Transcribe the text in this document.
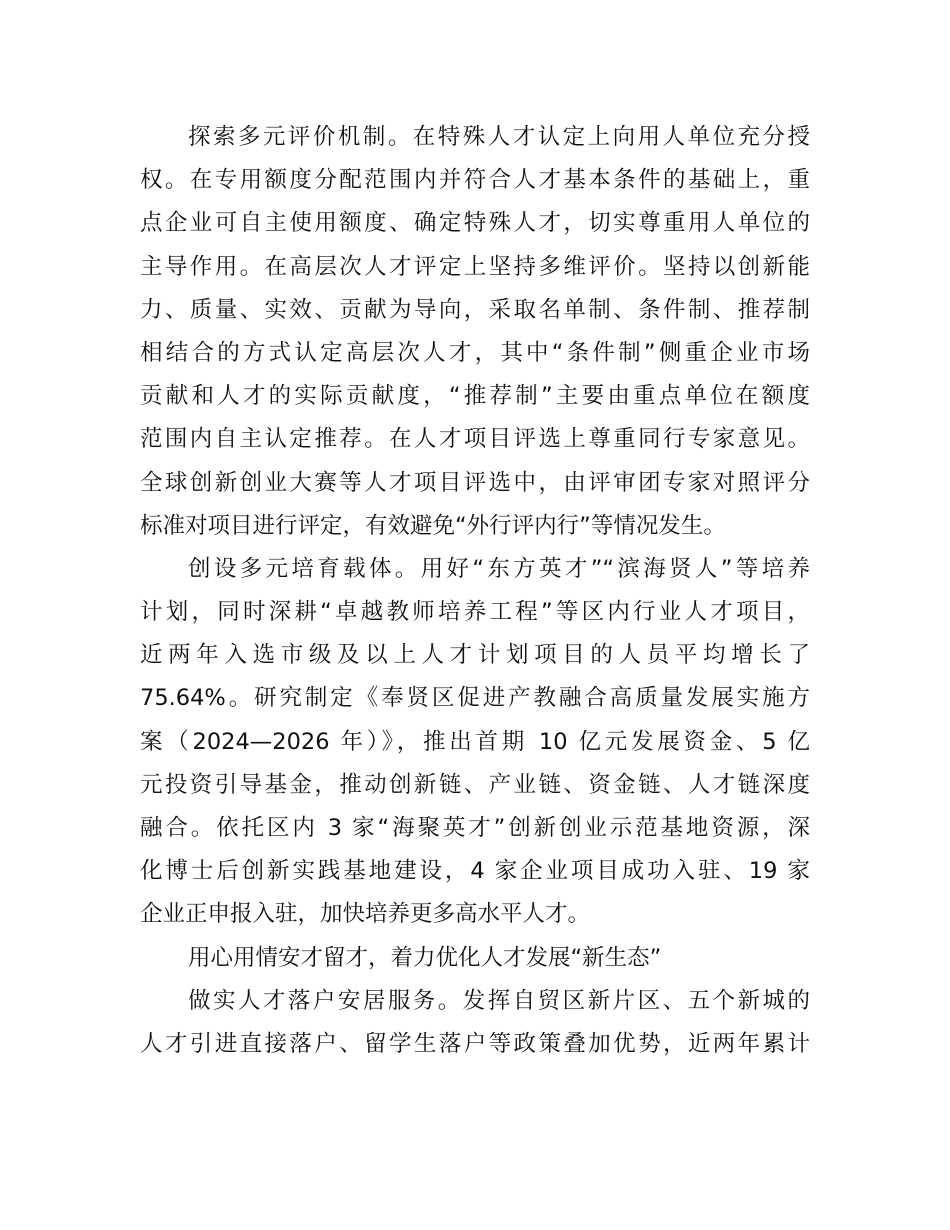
探索多元评价机制。在特殊人才认定上向用人单位充分授
权。在专用额度分配范围内并符合人才基本条件的基础上，重
点企业可自主使用额度、确定特殊人才，切实尊重用人单位的
主导作用。在高层次人才评定上坚持多维评价。坚持以创新能
力、质量、实效、贡献为导向，采取名单制、条件制、推荐制
相结合的方式认定高层次人才，其中“条件制”侧重企业市场
贡献和人才的实际贡献度，“推荐制”主要由重点单位在额度
范围内自主认定推荐。在人才项目评选上尊重同行专家意见。
全球创新创业大赛等人才项目评选中，由评审团专家对照评分
标准对项目进行评定，有效避免“外行评内行”等情况发生。
创设多元培育载体。用好“东方英才”“滨海贤人”等培养
计划，同时深耕“卓越教师培养工程”等区内行业人才项目，
近两年入选市级及以上人才计划项目的人员平均增长了
75.64%。研究制定《奉贤区促进产教融合高质量发展实施方
案（2024—2026 年）》，推出首期 10 亿元发展资金、5 亿
元投资引导基金，推动创新链、产业链、资金链、人才链深度
融合。依托区内 3 家“海聚英才”创新创业示范基地资源，深
化博士后创新实践基地建设，4 家企业项目成功入驻、19 家
企业正申报入驻，加快培养更多高水平人才。
用心用情安才留才，着力优化人才发展“新生态”
做实人才落户安居服务。发挥自贸区新片区、五个新城的
人才引进直接落户、留学生落户等政策叠加优势，近两年累计
